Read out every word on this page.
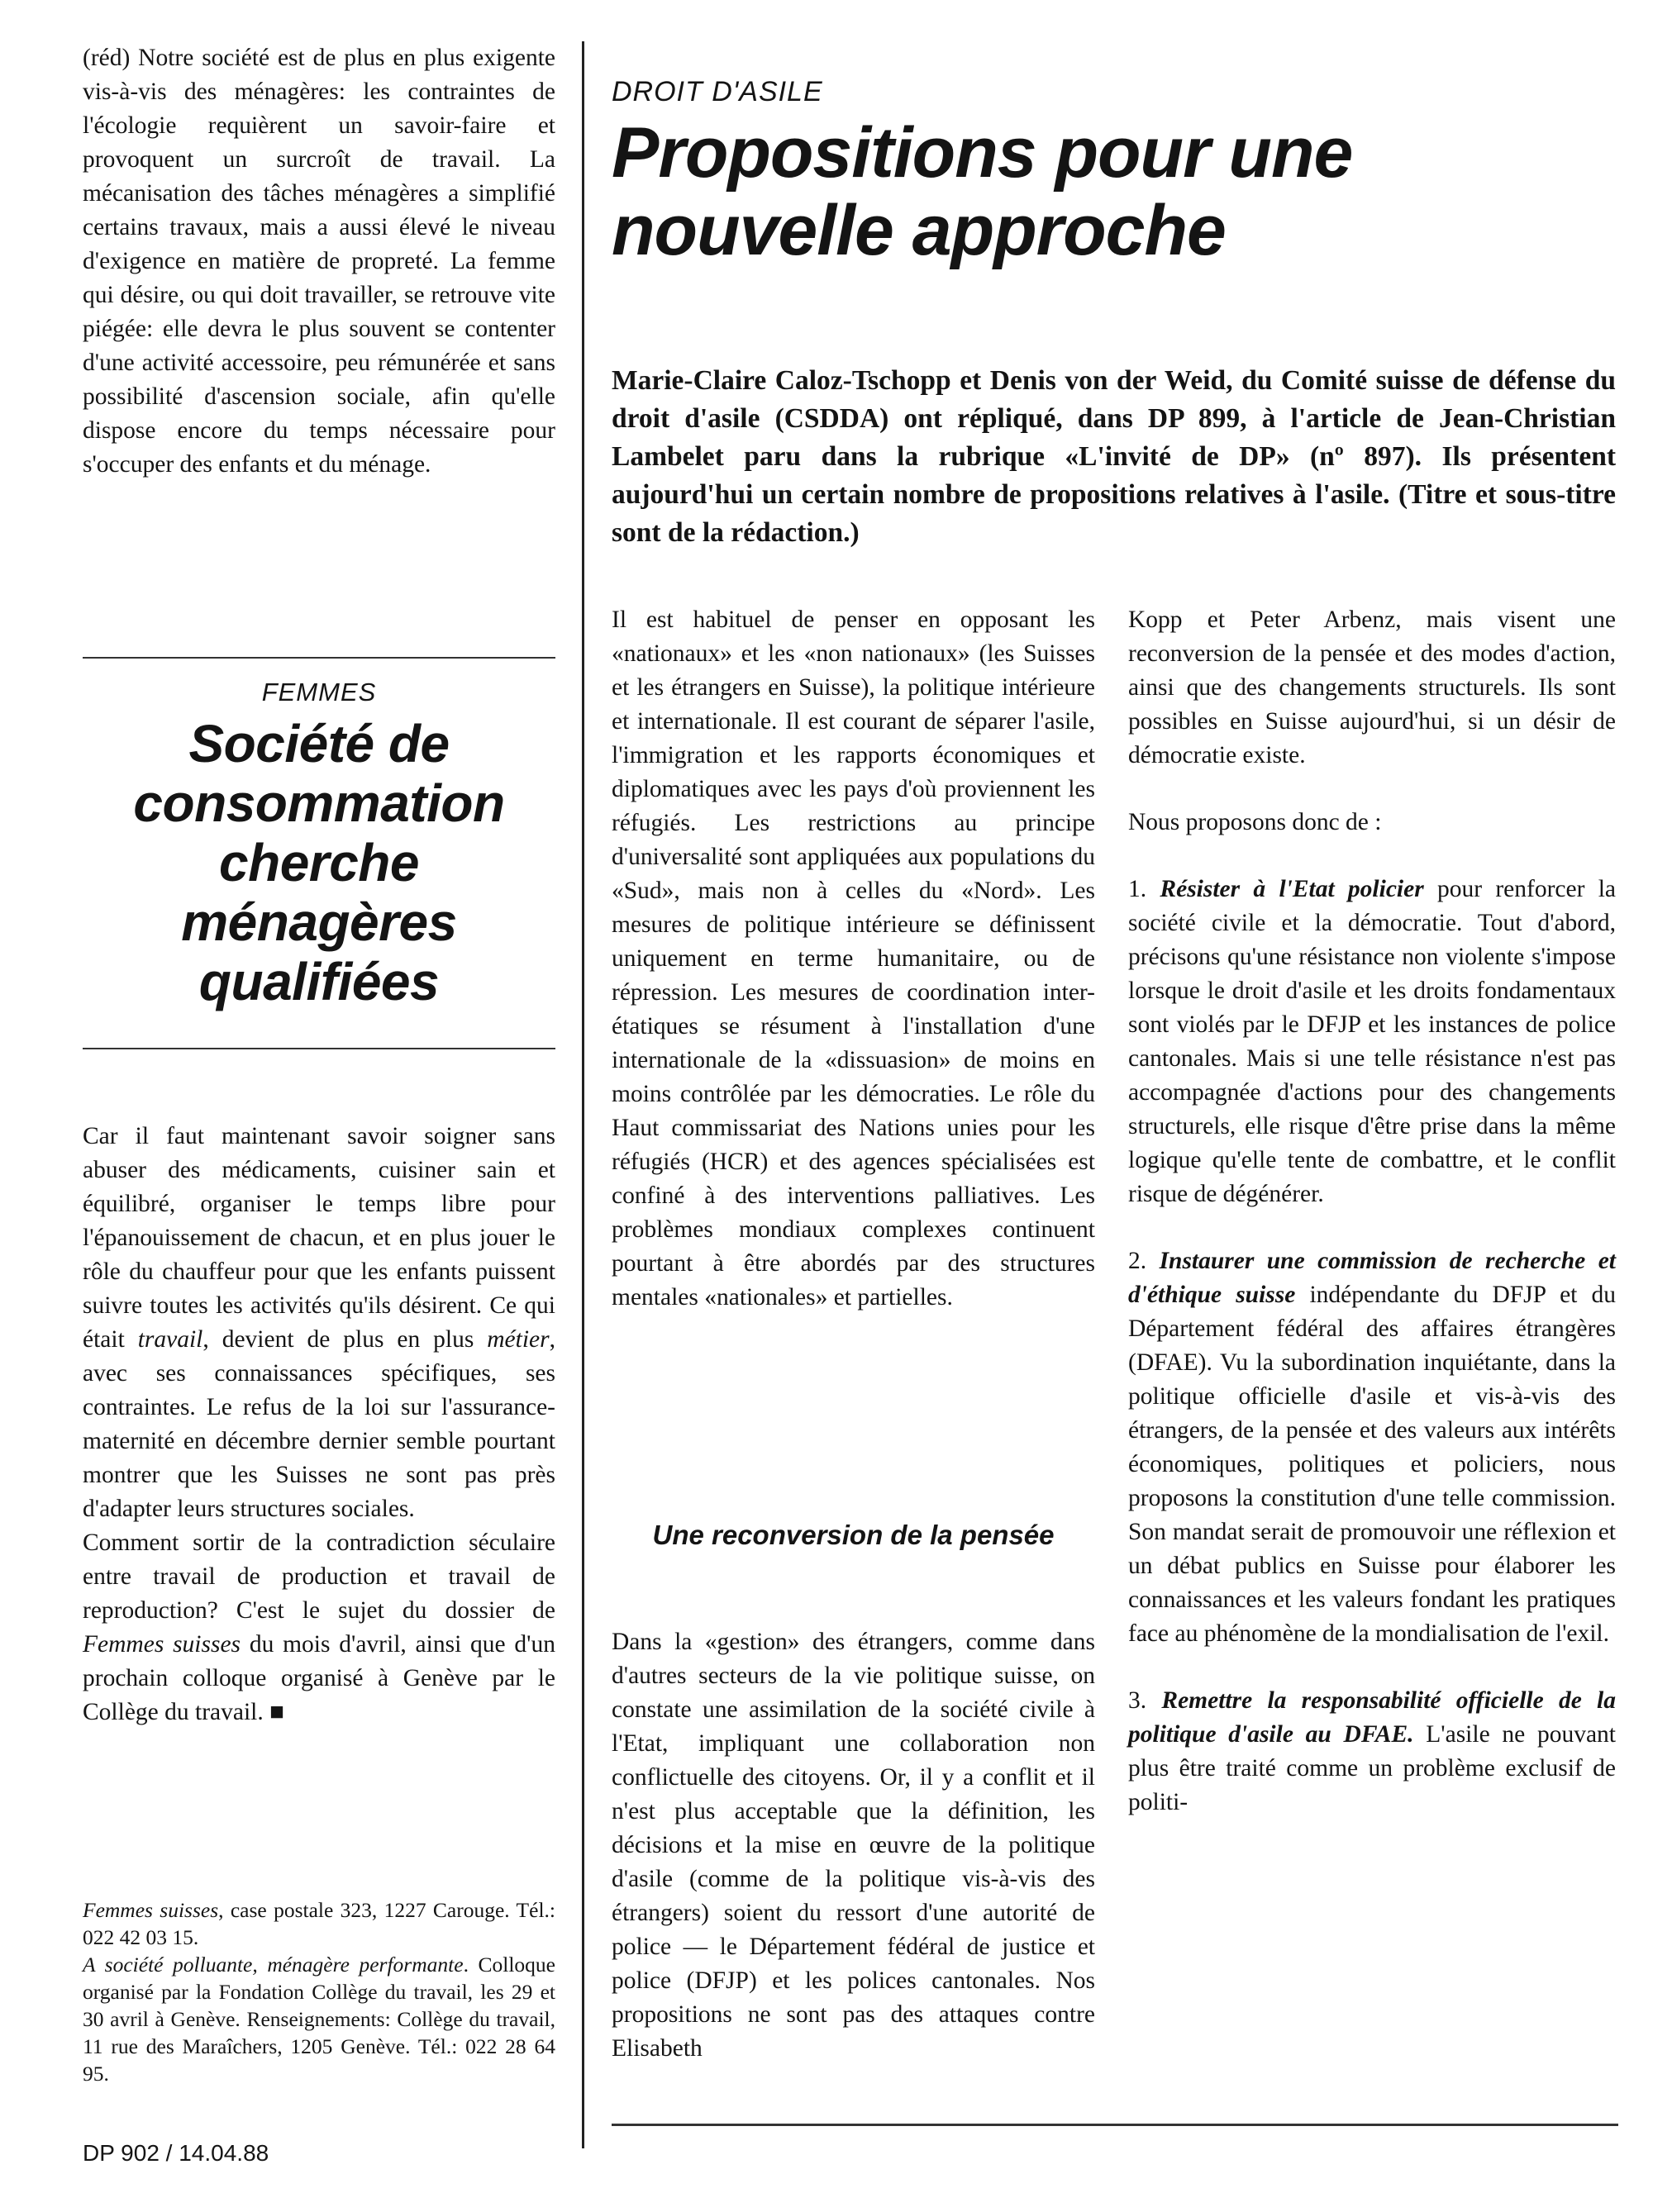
(réd) Notre société est de plus en plus exigente vis-à-vis des ménagères: les contraintes de l'écologie requièrent un savoir-faire et provoquent un surcroît de travail. La mécanisation des tâches ménagères a simplifié certains travaux, mais a aussi élevé le niveau d'exigence en matière de propreté. La femme qui désire, ou qui doit travailler, se retrouve vite piégée: elle devra le plus souvent se contenter d'une activité accessoire, peu rémunérée et sans possibilité d'ascension sociale, afin qu'elle dispose encore du temps nécessaire pour s'occuper des enfants et du ménage.

FEMMES
Société de consommation cherche ménagères qualifiées

Car il faut maintenant savoir soigner sans abuser des médicaments, cuisiner sain et équilibré, organiser le temps libre pour l'épanouissement de chacun, et en plus jouer le rôle du chauffeur pour que les enfants puissent suivre toutes les activités qu'ils désirent. Ce qui était travail, devient de plus en plus métier, avec ses connaissances spécifiques, ses contraintes. Le refus de la loi sur l'assurance-maternité en décembre dernier semble pourtant montrer que les Suisses ne sont pas près d'adapter leurs structures sociales.

Comment sortir de la contradiction séculaire entre travail de production et travail de reproduction? C'est le sujet du dossier de Femmes suisses du mois d'avril, ainsi que d'un prochain colloque organisé à Genève par le Collège du travail. ■

Femmes suisses, case postale 323, 1227 Carouge. Tél.: 022 42 03 15.

A société polluante, ménagère performante. Colloque organisé par la Fondation Collège du travail, les 29 et 30 avril à Genève. Renseignements: Collège du travail, 11 rue des Maraîchers, 1205 Genève. Tél.: 022 28 64 95.

DP 902 / 14.04.88
DROIT D'ASILE
Propositions pour une nouvelle approche
Marie-Claire Caloz-Tschopp et Denis von der Weid, du Comité suisse de défense du droit d'asile (CSDDA) ont répliqué, dans DP 899, à l'article de Jean-Christian Lambelet paru dans la rubrique «L'invité de DP» (nº 897). Ils présentent aujourd'hui un certain nombre de propositions relatives à l'asile. (Titre et sous-titre sont de la rédaction.)

Il est habituel de penser en opposant les «nationaux» et les «non nationaux» (les Suisses et les étrangers en Suisse), la politique intérieure et internationale. Il est courant de séparer l'asile, l'immigration et les rapports économiques et diplomatiques avec les pays d'où proviennent les réfugiés. Les restrictions au principe d'universalité sont appliquées aux populations du «Sud», mais non à celles du «Nord». Les mesures de politique intérieure se définissent uniquement en terme humanitaire, ou de répression. Les mesures de coordination inter-étatiques se résument à l'installation d'une internationale de la «dissuasion» de moins en moins contrôlée par les démocraties. Le rôle du Haut commissariat des Nations unies pour les réfugiés (HCR) et des agences spécialisées est confiné à des interventions palliatives. Les problèmes mondiaux complexes continuent pourtant à être abordés par des structures mentales «nationales» et partielles.

Une reconversion de la pensée

Dans la «gestion» des étrangers, comme dans d'autres secteurs de la vie politique suisse, on constate une assimilation de la société civile à l'Etat, impliquant une collaboration non conflictuelle des citoyens. Or, il y a conflit et il n'est plus acceptable que la définition, les décisions et la mise en œuvre de la politique d'asile (comme de la politique vis-à-vis des étrangers) soient du ressort d'une autorité de police — le Département fédéral de justice et police (DFJP) et les polices cantonales. Nos propositions ne sont pas des attaques contre Elisabeth

Kopp et Peter Arbenz, mais visent une reconversion de la pensée et des modes d'action, ainsi que des changements structurels. Ils sont possibles en Suisse aujourd'hui, si un désir de démocratie existe.

Nous proposons donc de :

1. Résister à l'Etat policier pour renforcer la société civile et la démocratie. Tout d'abord, précisons qu'une résistance non violente s'impose lorsque le droit d'asile et les droits fondamentaux sont violés par le DFJP et les instances de police cantonales. Mais si une telle résistance n'est pas accompagnée d'actions pour des changements structurels, elle risque d'être prise dans la même logique qu'elle tente de combattre, et le conflit risque de dégénérer.

2. Instaurer une commission de recherche et d'éthique suisse indépendante du DFJP et du Département fédéral des affaires étrangères (DFAE). Vu la subordination inquiétante, dans la politique officielle d'asile et vis-à-vis des étrangers, de la pensée et des valeurs aux intérêts économiques, politiques et policiers, nous proposons la constitution d'une telle commission. Son mandat serait de promouvoir une réflexion et un débat publics en Suisse pour élaborer les connaissances et les valeurs fondant les pratiques face au phénomène de la mondialisation de l'exil.

3. Remettre la responsabilité officielle de la politique d'asile au DFAE. L'asile ne pouvant plus être traité comme un problème exclusif de politi-
